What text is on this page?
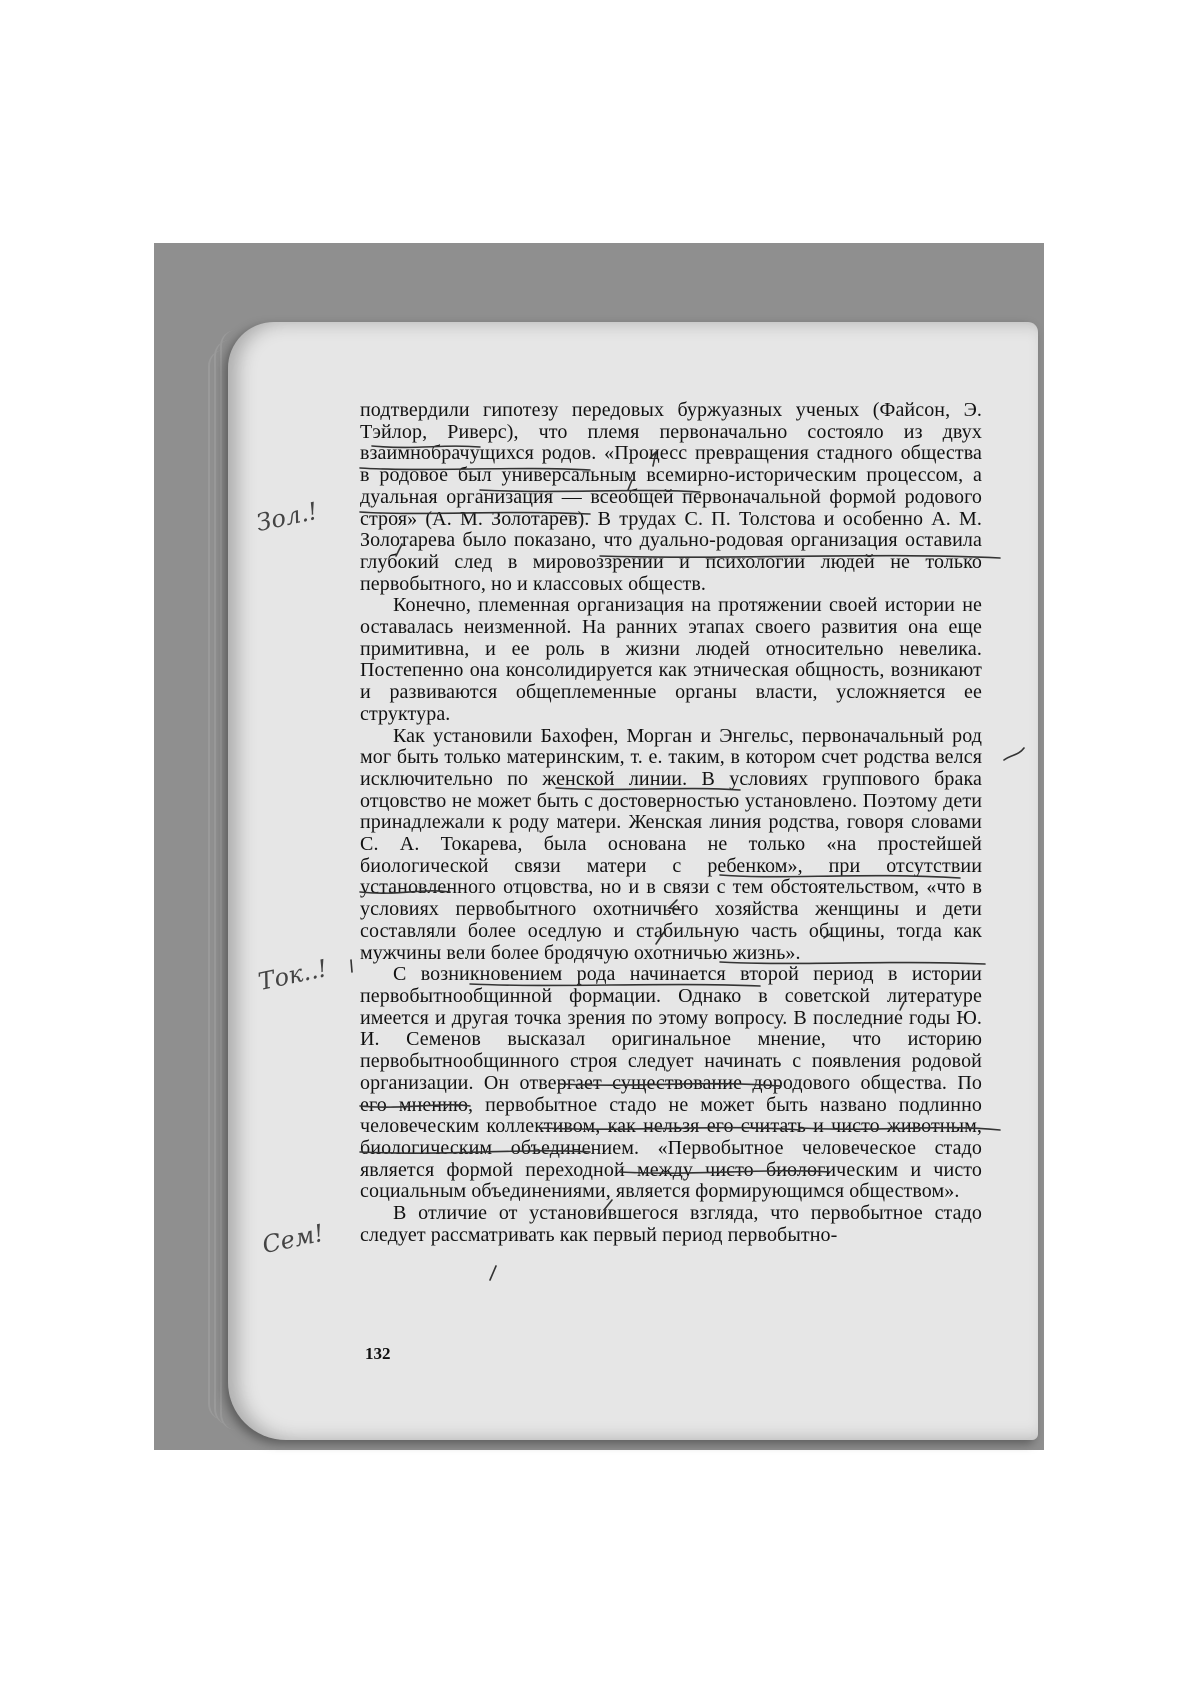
подтвердили гипотезу передовых буржуазных ученых (Файсон, Э. Тэйлор, Риверс), что племя первоначально состояло из двух взаимнобрачущихся родов. «Процесс превращения стадного общества в родовое был универсальным всемирно-историческим процессом, а дуальная организация — всеобщей первоначальной формой родового строя» (А. М. Золотарев). В трудах С. П. Толстова и особенно А. М. Золотарева было показано, что дуально-родовая организация оставила глубокий след в мировоззрении и психологии людей не только первобытного, но и классовых обществ.

Конечно, племенная организация на протяжении своей истории не оставалась неизменной. На ранних этапах своего развития она еще примитивна, и ее роль в жизни людей относительно невелика. Постепенно она консолидируется как этническая общность, возникают и развиваются общеплеменные органы власти, усложняется ее структура.

Как установили Бахофен, Морган и Энгельс, первоначальный род мог быть только материнским, т. е. таким, в котором счет родства велся исключительно по женской линии. В условиях группового брака отцовство не может быть с достоверностью установлено. Поэтому дети принадлежали к роду матери. Женская линия родства, говоря словами С. А. Токарева, была основана не только «на простейшей биологической связи матери с ребенком», при отсутствии установленного отцовства, но и в связи с тем обстоятельством, «что в условиях первобытного охотничьего хозяйства женщины и дети составляли более оседлую и стабильную часть общины, тогда как мужчины вели более бродячую охотничью жизнь».

С возникновением рода начинается второй период в истории первобытнообщинной формации. Однако в советской литературе имеется и другая точка зрения по этому вопросу. В последние годы Ю. И. Семенов высказал оригинальное мнение, что историю первобытнообщинного строя следует начинать с появления родовой организации. Он отвергает существование дородового общества. По его мнению, первобытное стадо не может быть названо подлинно человеческим коллективом, как нельзя его считать и чисто животным, биологическим объединением. «Первобытное человеческое стадо является формой переходной между чисто биологическим и чисто социальным объединениями, является формирующимся обществом».

В отличие от установившегося взгляда, что первобытное стадо следует рассматривать как первый период первобытно-

132
Зол.!
Ток..!
Сем!
